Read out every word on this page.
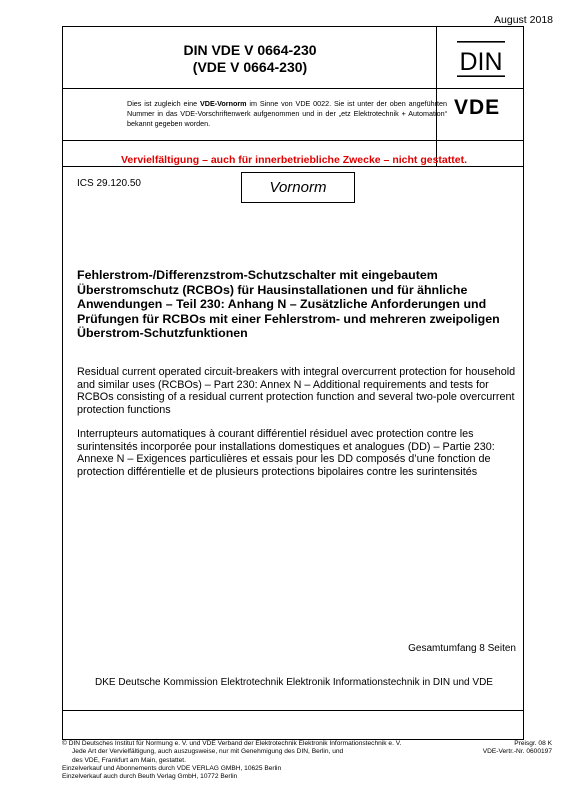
August 2018
DIN VDE V 0664-230
(VDE V 0664-230)	DIN
Dies ist zugleich eine VDE-Vornorm im Sinne von VDE 0022. Sie ist unter der oben angeführten Nummer in das VDE-Vorschriftenwerk aufgenommen und in der „etz Elektrotechnik + Automation“ bekannt gegeben worden.
VDE
Vervielfältigung – auch für innerbetriebliche Zwecke – nicht gestattet.
ICS 29.120.50	Vornorm
Fehlerstrom-/Differenzstrom-Schutzschalter mit eingebautem Überstromschutz (RCBOs) für Hausinstallationen und für ähnliche Anwendungen – Teil 230: Anhang N – Zusätzliche Anforderungen und Prüfungen für RCBOs mit einer Fehlerstrom- und mehreren zweipoligen Überstrom-Schutzfunktionen
Residual current operated circuit-breakers with integral overcurrent protection for household and similar uses (RCBOs) – Part 230: Annex N – Additional requirements and tests for RCBOs consisting of a residual current protection function and several two-pole overcurrent protection functions
Interrupteurs automatiques à courant différentiel résiduel avec protection contre les surintensités incorporée pour installations domestiques et analogues (DD) – Partie 230: Annexe N – Exigences particulières et essais pour les DD composés d’une fonction de protection différentielle et de plusieurs protections bipolaires contre les surintensités
Gesamtumfang 8 Seiten
DKE Deutsche Kommission Elektrotechnik Elektronik Informationstechnik in DIN und VDE
© DIN Deutsches Institut für Normung e. V. und VDE Verband der Elektrotechnik Elektronik Informationstechnik e. V.
Jede Art der Vervielfältigung, auch auszugsweise, nur mit Genehmigung des DIN, Berlin, und
des VDE, Frankfurt am Main, gestattet.
Einzelverkauf und Abonnements durch VDE VERLAG GMBH, 10625 Berlin
Einzelverkauf auch durch Beuth Verlag GmbH, 10772 Berlin
Preisgr. 08 K
VDE-Vertr.-Nr. 0600197
